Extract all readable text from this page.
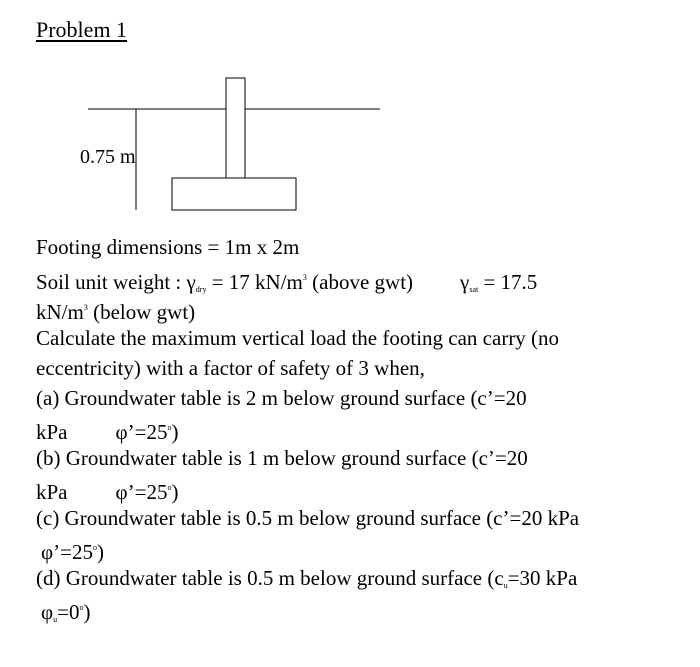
Problem 1
0.75 m
Footing dimensions = 1m x 2m
Soil unit weight : $\gamma_{dry} = 17$ $kN/m^3$ (above gwt) $\gamma_{sat} = 17.5$
$kN/m^3$ (below gwt)
Calculate the maximum vertical load the footing can carry (no
eccentricity) with a factor of safety of 3 when,
(a) Groundwater table is 2 m below ground surface (c’=20
kPa $\varphi’=25^o$)
(b) Groundwater table is 1 m below ground surface (c’=20
kPa $\varphi’=25^o$)
(c) Groundwater table is 0.5 m below ground surface (c’=20 kPa
$\varphi’=25^o$)
(d) Groundwater table is 0.5 m below ground surface ($c_u=30$ kPa
$\varphi_u=0^o$)
